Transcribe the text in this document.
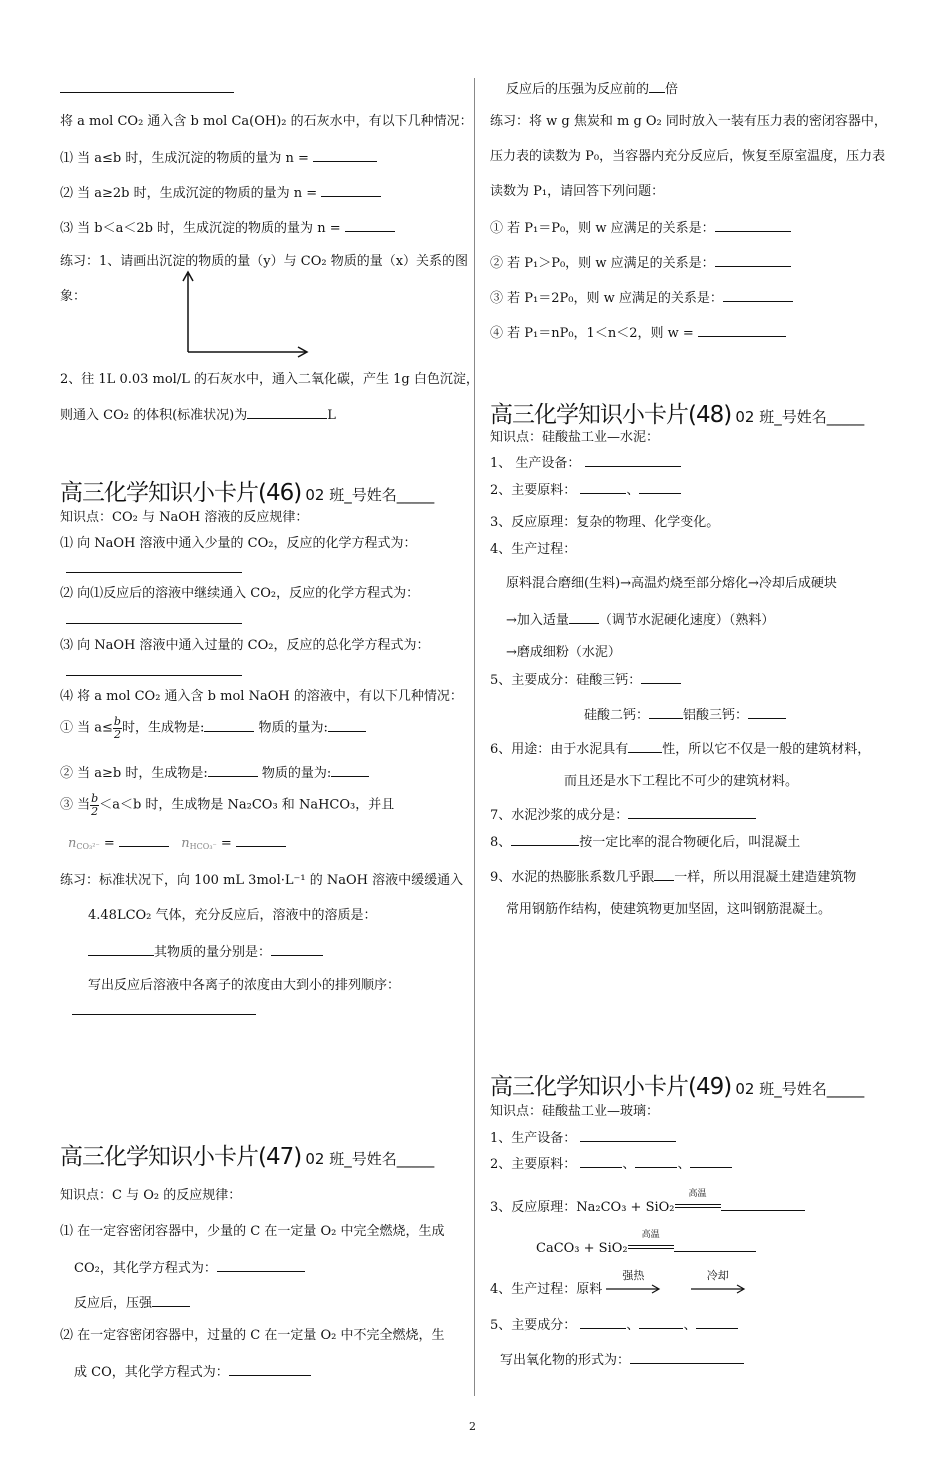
将 a mol CO₂ 通入含 b mol Ca(OH)₂ 的石灰水中，有以下几种情况：
⑴ 当 a≤b 时，生成沉淀的物质的量为 n =
⑵ 当 a≥2b 时，生成沉淀的物质的量为 n =
⑶ 当 b＜a＜2b 时，生成沉淀的物质的量为 n =
练习：1、请画出沉淀的物质的量（y）与 CO₂ 物质的量（x）关系的图
象：
2、往 1L 0.03 mol/L 的石灰水中，通入二氧化碳，产生 1g 白色沉淀，
则通入 CO₂ 的体积(标准状况)为	L
高三化学知识小卡片(46) 02 班_号姓名_____
知识点：CO₂ 与 NaOH 溶液的反应规律：
⑴ 向 NaOH 溶液中通入少量的 CO₂，反应的化学方程式为：
⑵ 向⑴反应后的溶液中继续通入 CO₂，反应的化学方程式为：
⑶ 向 NaOH 溶液中通入过量的 CO₂，反应的总化学方程式为：
⑷ 将 a mol CO₂ 通入含 b mol NaOH 的溶液中，有以下几种情况：
① 当 $a\le \frac{b}{2}$ 时，生成物是:	物质的量为:
② 当 a≥b 时，生成物是:	物质的量为:
③ 当 $\frac{b}{2} <a<b$ 时，生成物是 Na₂CO₃ 和 NaHCO₃，并且
$n_{CO_3^{2-}}$ =	$n_{HCO_3^-}$ =
练习：标准状况下，向 100 mL 3mol·L⁻¹ 的 NaOH 溶液中缓缓通入
4.48LCO₂ 气体，充分反应后，溶液中的溶质是：
其物质的量分别是：
写出反应后溶液中各离子的浓度由大到小的排列顺序：
高三化学知识小卡片(47) 02 班_号姓名_____
知识点：C 与 O₂ 的反应规律：
⑴ 在一定容密闭容器中，少量的 C 在一定量 O₂ 中完全燃烧，生成
CO₂，其化学方程式为：
反应后，压强
⑵ 在一定容密闭容器中，过量的 C 在一定量 O₂ 中不完全燃烧，生
成 CO，其化学方程式为：
反应后的压强为反应前的 倍
练习：将 w g 焦炭和 m g O₂ 同时放入一装有压力表的密闭容器中，
压力表的读数为 P₀，当容器内充分反应后，恢复至原室温度，压力表
读数为 P₁，请回答下列问题：
① 若 P₁＝P₀，则 w 应满足的关系是：
② 若 P₁＞P₀，则 w 应满足的关系是：
③ 若 P₁＝2P₀，则 w 应满足的关系是：
④ 若 P₁＝nP₀，1＜n＜2，则 w =
高三化学知识小卡片(48) 02 班_号姓名_____
知识点：硅酸盐工业—水泥：
1、 生产设备：
2、主要原料：	、
3、反应原理：复杂的物理、化学变化。
4、生产过程：
原料混合磨细(生料)→高温灼烧至部分熔化→冷却后成硬块
→加入适量 （调节水泥硬化速度）（熟料）
→磨成细粉（水泥）
5、主要成分：硅酸三钙：
硅酸二钙：	铝酸三钙：
6、用途：由于水泥具有	性，所以它不仅是一般的建筑材料，
而且还是水下工程比不可少的建筑材料。
7、水泥沙浆的成分是：
8、	按一定比率的混合物硬化后，叫混凝土
9、水泥的热膨胀系数几乎跟 一样，所以用混凝土建造建筑物
常用钢筋作结构，使建筑物更加坚固，这叫钢筋混凝土。
高三化学知识小卡片(49) 02 班_号姓名_____
知识点：硅酸盐工业—玻璃：
1、生产设备：
2、主要原料：	、	、
3、反应原理：Na₂CO₃ + SiO₂
高温
CaCO₃ + SiO₂
高温
4、生产过程：原料
强热
	冷却
5、主要成分：	、	、
写出氧化物的形式为：
2
